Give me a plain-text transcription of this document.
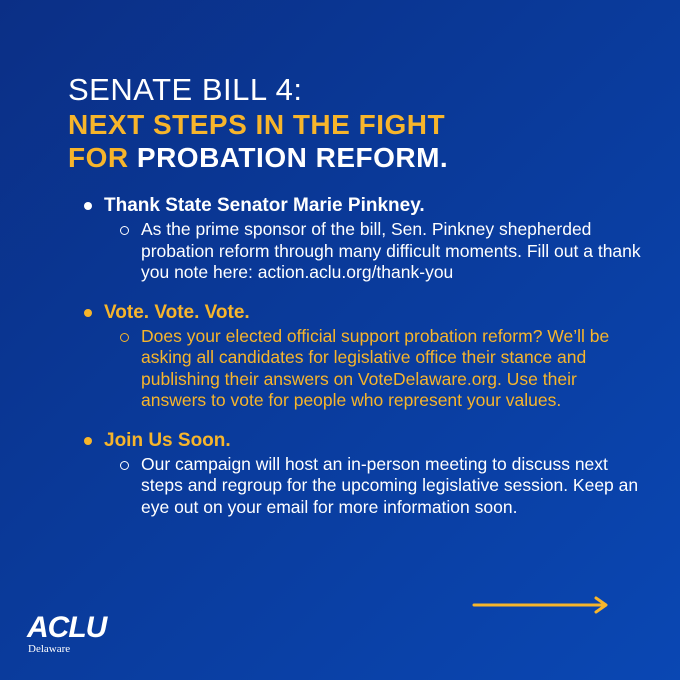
SENATE BILL 4:
NEXT STEPS IN THE FIGHT
FOR PROBATION REFORM.
Thank State Senator Marie Pinkney.
As the prime sponsor of the bill, Sen. Pinkney shepherded probation reform through many difficult moments. Fill out a thank you note here: action.aclu.org/thank-you
Vote. Vote. Vote.
Does your elected official support probation reform? We’ll be asking all candidates for legislative office their stance and publishing their answers on VoteDelaware.org. Use their answers to vote for people who represent your values.
Join Us Soon.
Our campaign will host an in-person meeting to discuss next steps and regroup for the upcoming legislative session. Keep an eye out on your email for more information soon.
ACLU
Delaware
